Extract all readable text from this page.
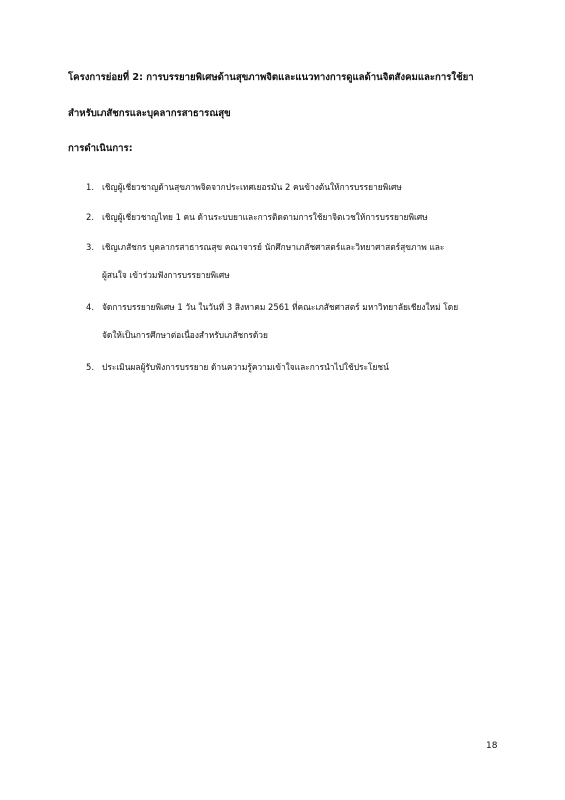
โครงการย่อยที่ 2: การบรรยายพิเศษด้านสุขภาพจิตและแนวทางการดูแลด้านจิตสังคมและการใช้ยา
สำหรับเภสัชกรและบุคลากรสาธารณสุข
การดำเนินการ:
1. เชิญผู้เชี่ยวชาญด้านสุขภาพจิตจากประเทศเยอรมัน 2 คนข้างต้นให้การบรรยายพิเศษ
2. เชิญผู้เชี่ยวชาญไทย 1 คน ด้านระบบยาและการติดตามการใช้ยาจิตเวชให้การบรรยายพิเศษ
3. เชิญเภสัชกร บุคลากรสาธารณสุข คณาจารย์ นักศึกษาเภสัชศาสตร์และวิทยาศาสตร์สุขภาพ และ
ผู้สนใจ เข้าร่วมฟังการบรรยายพิเศษ
4. จัดการบรรยายพิเศษ 1 วัน ในวันที่ 3 สิงหาคม 2561 ที่คณะเภสัชศาสตร์ มหาวิทยาลัยเชียงใหม่ โดย
จัดให้เป็นการศึกษาต่อเนื่องสำหรับเภสัชกรด้วย
5. ประเมินผลผู้รับฟังการบรรยาย ด้านความรู้ความเข้าใจและการนำไปใช้ประโยชน์
18
